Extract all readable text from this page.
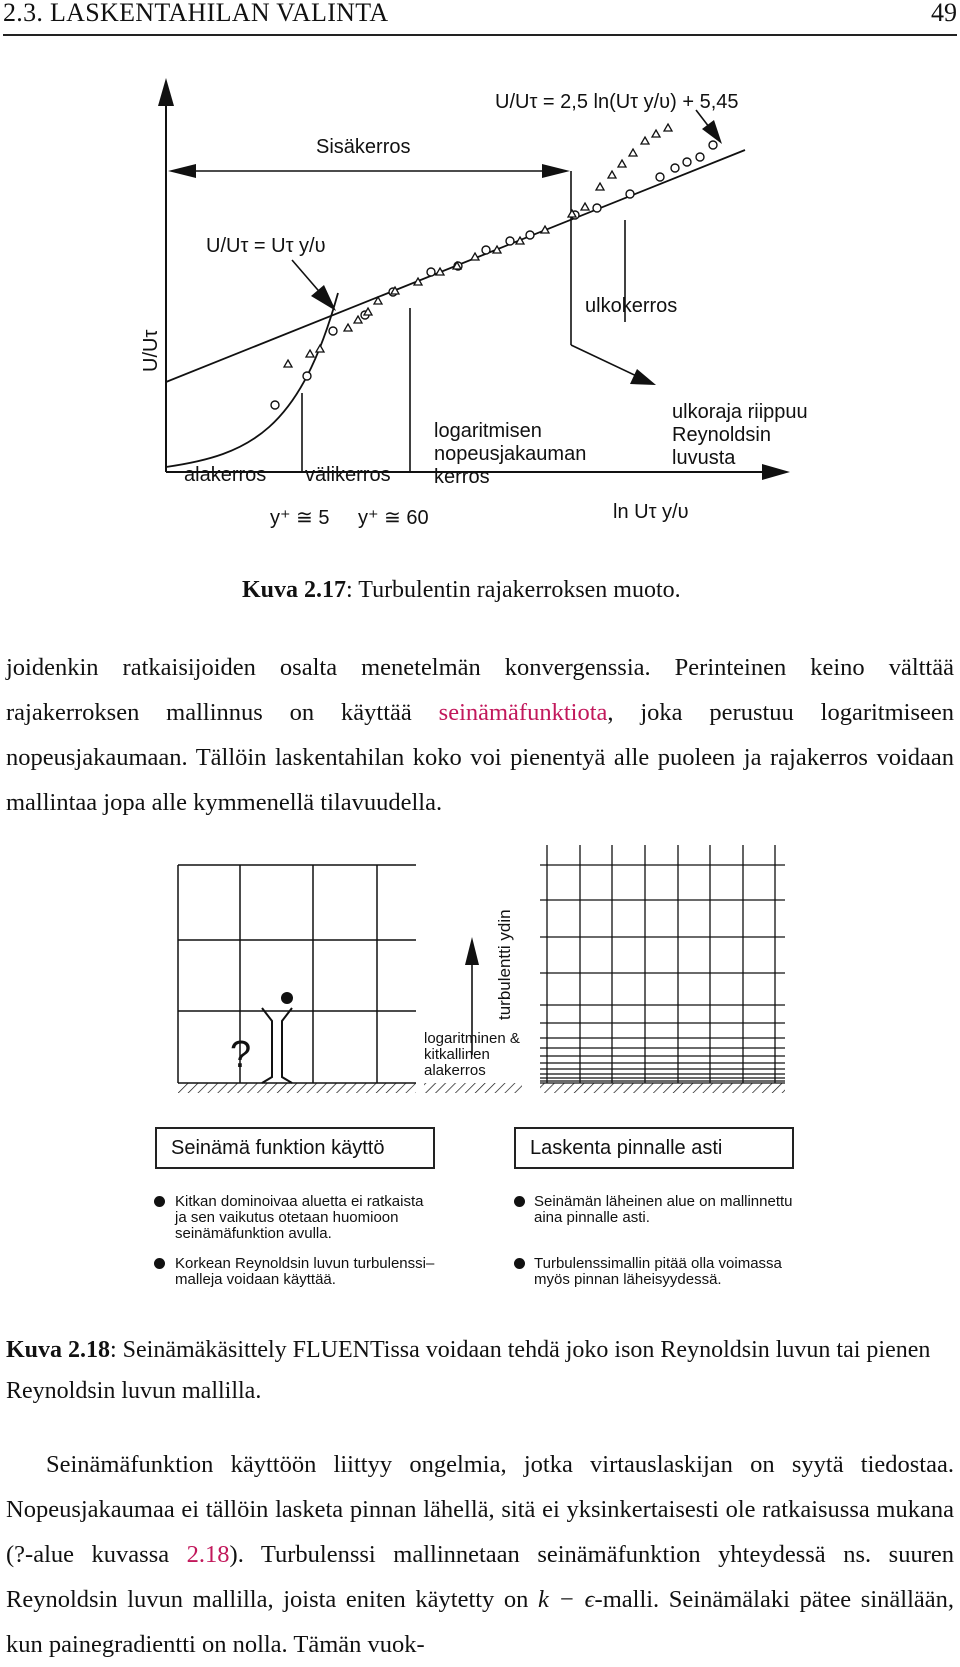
2.3. LASKENTAHILAN VALINTA	49
U/Uτ
U/Uτ = 2,5 ln(Uτ y/υ) + 5,45
Sisäkerros
U/Uτ = Uτ y/υ
ulkokerros
ulkoraja riippuu
Reynoldsin
luvusta
logaritmisen
nopeusjakauman
kerros
alakerros välikerros
y⁺ ≅ 5 y⁺ ≅ 60	ln Uτ y/υ
Kuva 2.17: Turbulentin rajakerroksen muoto.

joidenkin ratkaisijoiden osalta menetelmän konvergenssia. Perinteinen keino välttää rajakerroksen mallinnus on käyttää seinämäfunktiota, joka perustuu logaritmiseen nopeusjakaumaan. Tällöin laskentahilan koko voi pienentyä alle puoleen ja rajakerros voidaan mallintaa jopa alle kymmenellä tilavuudella.

?
turbulentti ydin
logaritminen &
kitkallinen
alakerros
Seinämä funktion käyttö	Laskenta pinnalle asti
Kitkan dominoivaa aluetta ei ratkaista
ja sen vaikutus otetaan huomioon
seinämäfunktion avulla.
Korkean Reynoldsin luvun turbulenssi–
malleja voidaan käyttää.
Seinämän läheinen alue on mallinnettu
aina pinnalle asti.
Turbulenssimallin pitää olla voimassa
myös pinnan läheisyydessä.
Kuva 2.18: Seinämäkäsittely FLUENTissa voidaan tehdä joko ison Reynoldsin luvun tai pienen Reynoldsin luvun mallilla.

Seinämäfunktion käyttöön liittyy ongelmia, jotka virtauslaskijan on syytä tiedostaa. Nopeusjakaumaa ei tällöin lasketa pinnan lähellä, sitä ei yksinkertaisesti ole ratkaisussa mukana (?-alue kuvassa 2.18). Turbulenssi mallinnetaan seinämäfunktion yhteydessä ns. suuren Reynoldsin luvun mallilla, joista eniten käytetty on k − ϵ-malli. Seinämälaki pätee sinällään, kun painegradientti on nolla. Tämän vuok-
